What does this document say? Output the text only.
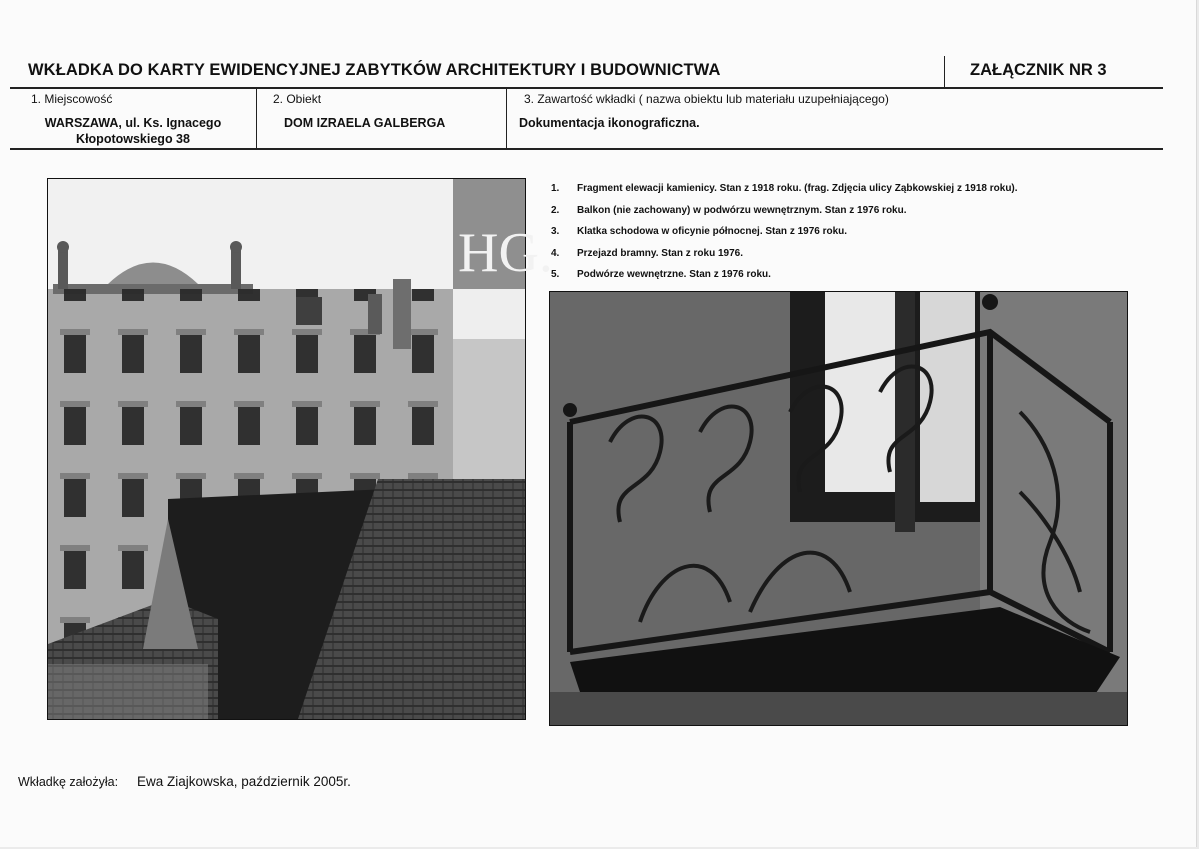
WKŁADKA DO KARTY EWIDENCYJNEJ ZABYTKÓW ARCHITEKTURY I BUDOWNICTWA	ZAŁĄCZNIK NR 3
1. Miejscowość
WARSZAWA, ul. Ks. Ignacego
Kłopotowskiego 38
2. Obiekt
DOM IZRAELA GALBERGA
3. Zawartość wkładki ( nazwa obiektu lub materiału uzupełniającego)
Dokumentacja ikonograficzna.
HG.
1.	Fragment elewacji kamienicy. Stan z 1918 roku. (frag. Zdjęcia ulicy Ząbkowskiej z 1918 roku).
2.	Balkon (nie zachowany) w podwórzu wewnętrznym. Stan z 1976 roku.
3.	Klatka schodowa w oficynie północnej. Stan z 1976 roku.
4.	Przejazd bramny. Stan z roku 1976.
5.	Podwórze wewnętrzne. Stan z 1976 roku.
Wkładkę założyła: Ewa Ziajkowska, październik 2005r.
